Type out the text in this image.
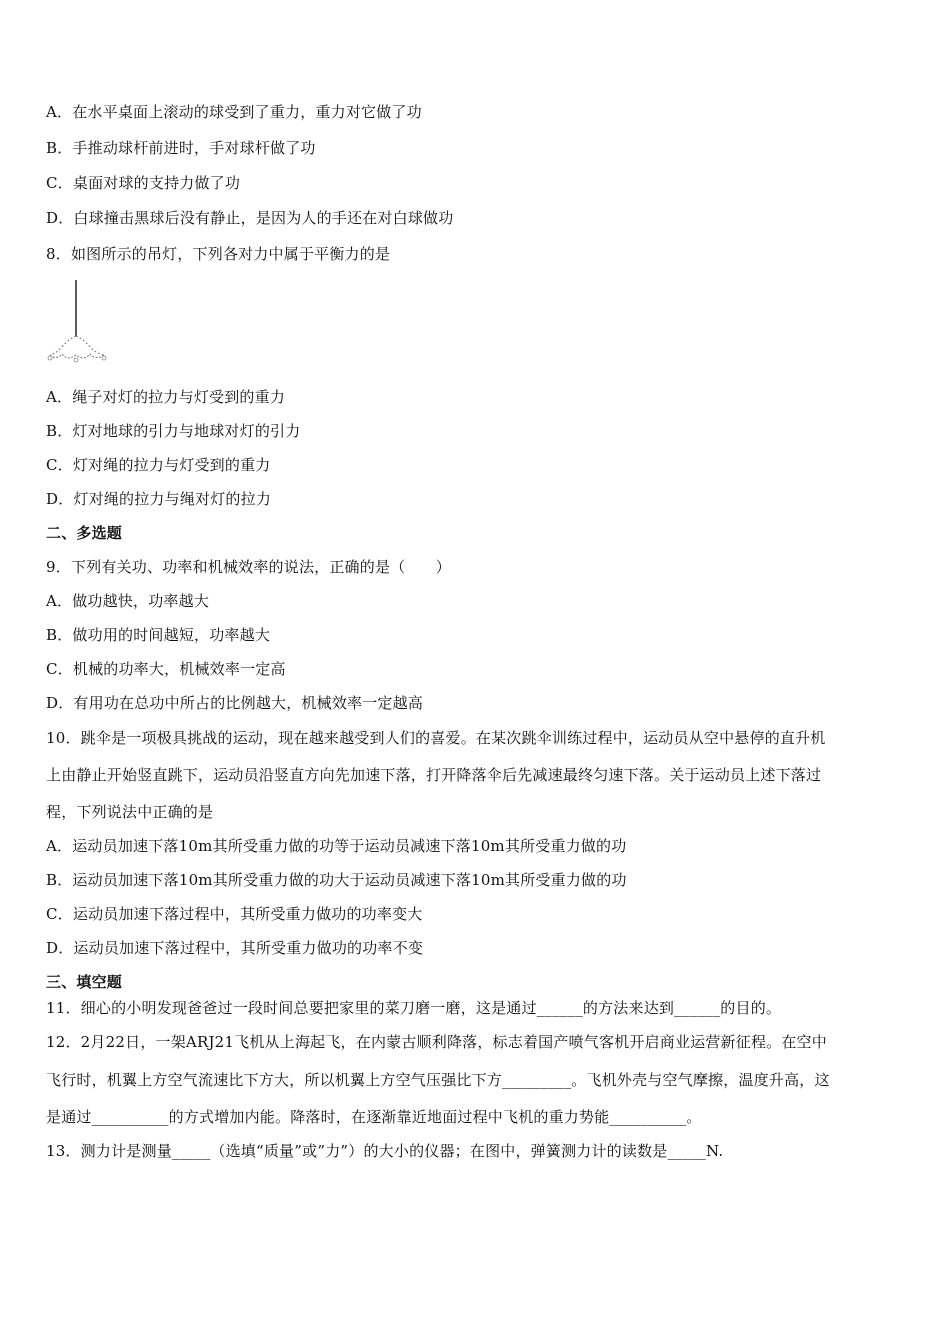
A．在水平桌面上滚动的球受到了重力，重力对它做了功
B．手推动球杆前进时，手对球杆做了功
C．桌面对球的支持力做了功
D．白球撞击黑球后没有静止，是因为人的手还在对白球做功
8．如图所示的吊灯，下列各对力中属于平衡力的是
A．绳子对灯的拉力与灯受到的重力
B．灯对地球的引力与地球对灯的引力
C．灯对绳的拉力与灯受到的重力
D．灯对绳的拉力与绳对灯的拉力
二、多选题
9．下列有关功、功率和机械效率的说法，正确的是（　　）
A．做功越快，功率越大
B．做功用的时间越短，功率越大
C．机械的功率大，机械效率一定高
D．有用功在总功中所占的比例越大，机械效率一定越高
10．跳伞是一项极具挑战的运动，现在越来越受到人们的喜爱。在某次跳伞训练过程中，运动员从空中悬停的直升机
上由静止开始竖直跳下，运动员沿竖直方向先加速下落，打开降落伞后先减速最终匀速下落。关于运动员上述下落过
程，下列说法中正确的是
A．运动员加速下落10m其所受重力做的功等于运动员减速下落10m其所受重力做的功
B．运动员加速下落10m其所受重力做的功大于运动员减速下落10m其所受重力做的功
C．运动员加速下落过程中，其所受重力做功的功率变大
D．运动员加速下落过程中，其所受重力做功的功率不变
三、填空题
11．细心的小明发现爸爸过一段时间总要把家里的菜刀磨一磨，这是通过______的方法来达到______的目的。
12．2月22日，一架ARJ21飞机从上海起飞，在内蒙古顺利降落，标志着国产喷气客机开启商业运营新征程。在空中
飞行时，机翼上方空气流速比下方大，所以机翼上方空气压强比下方_________。飞机外壳与空气摩擦，温度升高，这
是通过__________的方式增加内能。降落时，在逐渐靠近地面过程中飞机的重力势能__________。
13．测力计是测量_____（选填“质量”或”力”）的大小的仪器；在图中，弹簧测力计的读数是_____N.
